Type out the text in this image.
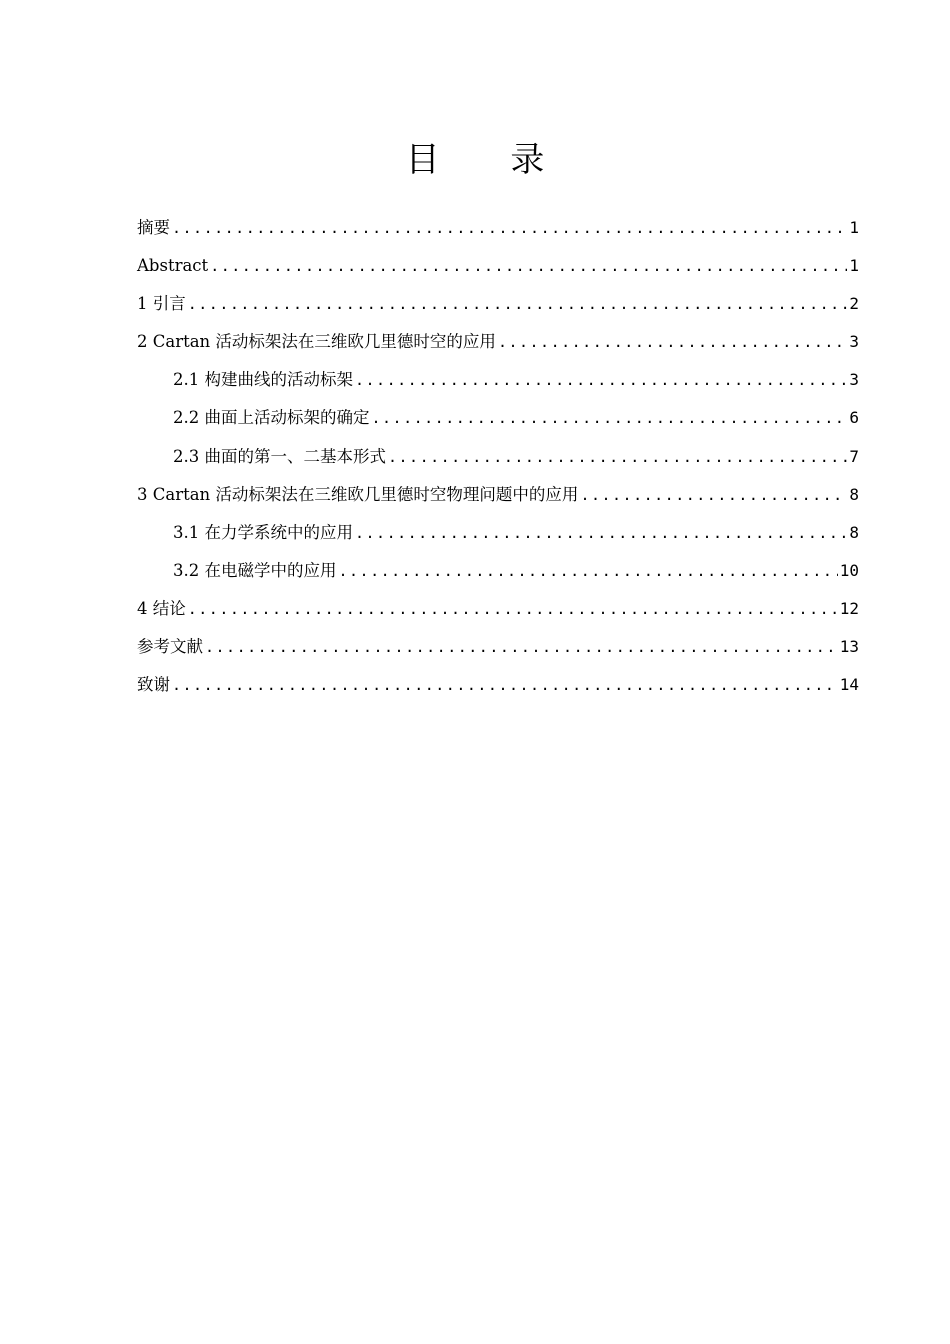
目 录
摘要 .....	1
Abstract .....	1
1 引言 .....	2
2 Cartan 活动标架法在三维欧几里德时空的应用 .....	3
2.1 构建曲线的活动标架 .....	3
2.2 曲面上活动标架的确定 .....	6
2.3 曲面的第一、二基本形式 .....	7
3 Cartan 活动标架法在三维欧几里德时空物理问题中的应用 .....	8
3.1 在力学系统中的应用 .....	8
3.2 在电磁学中的应用 .....	10
4 结论 .....	12
参考文献 .....	13
致谢 .....	14
